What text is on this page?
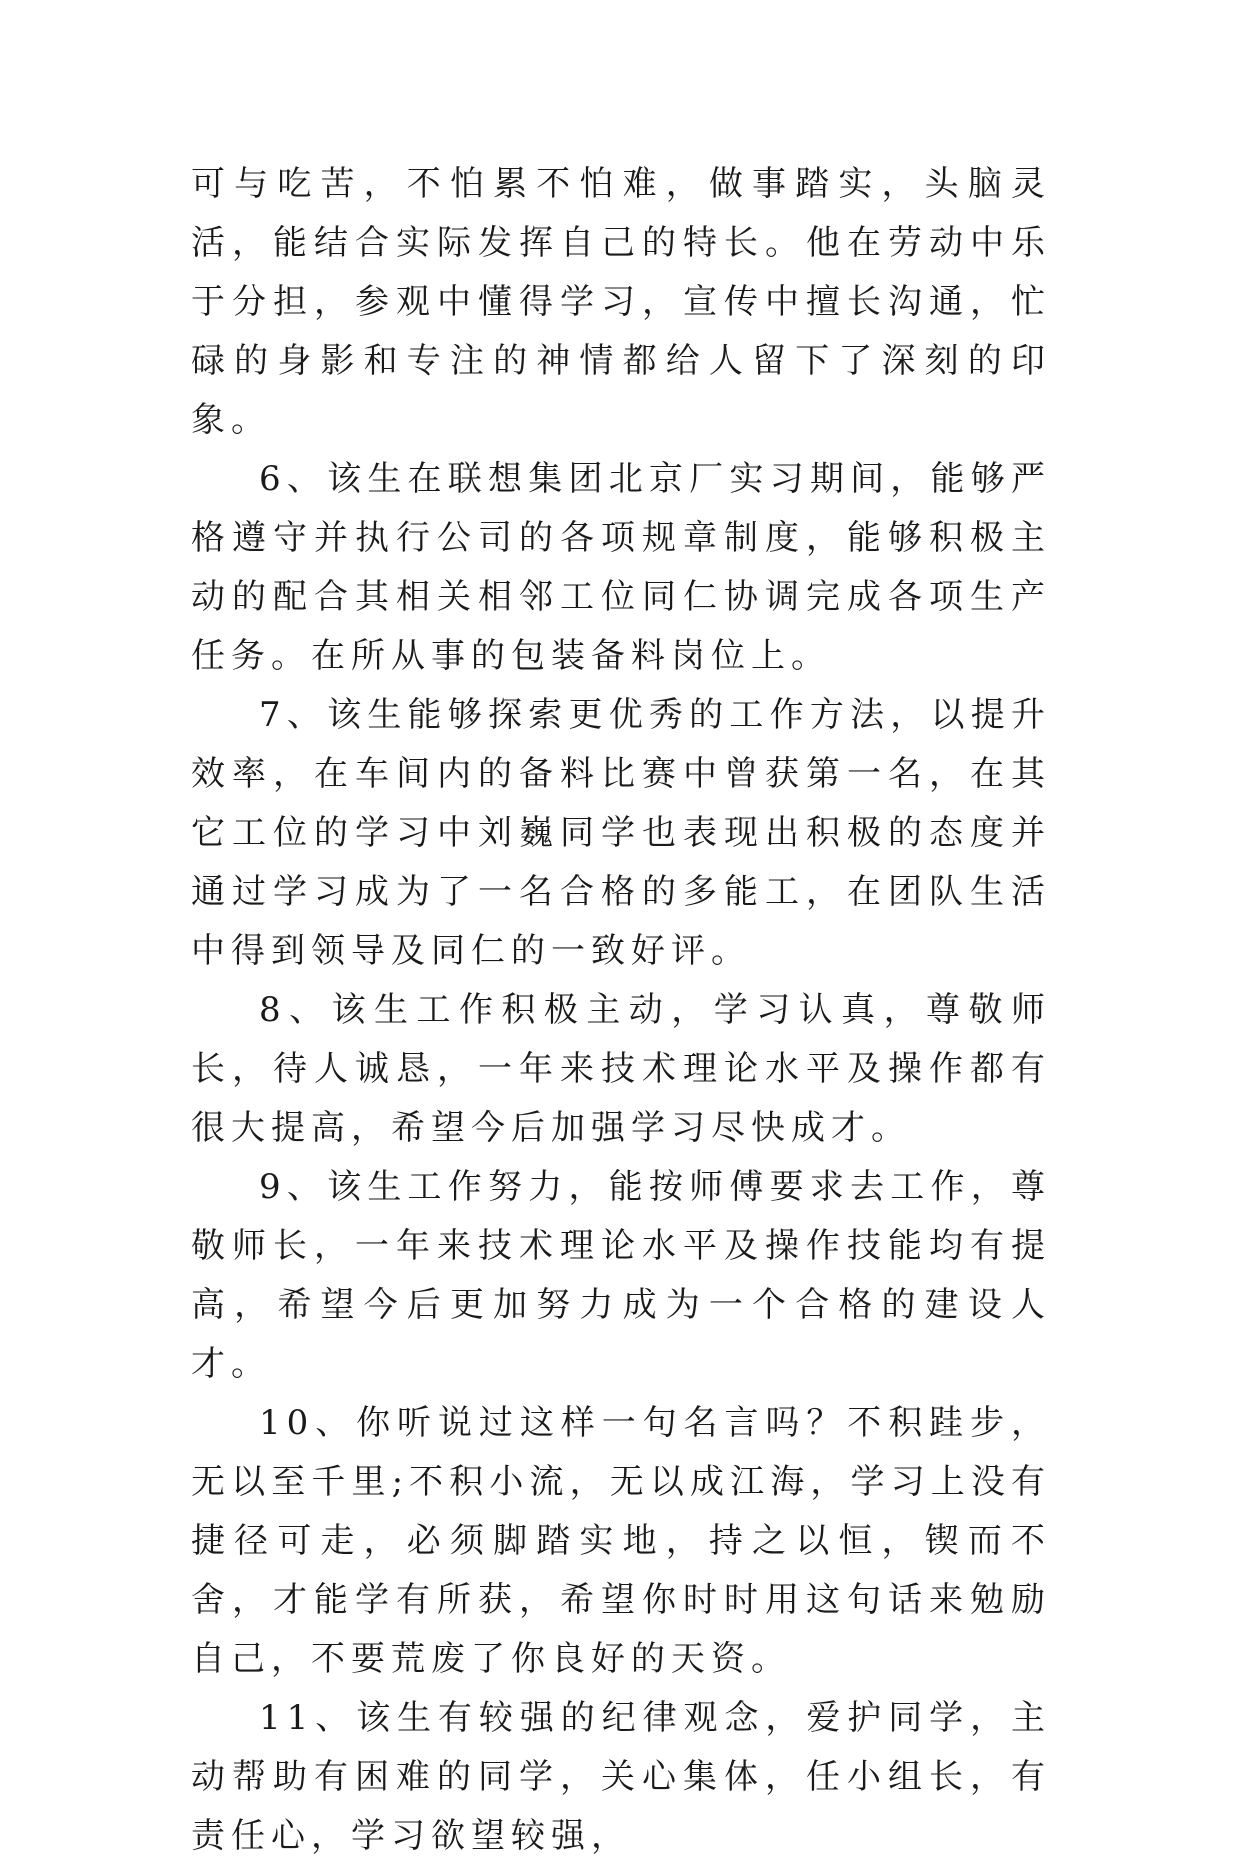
可与吃苦，不怕累不怕难，做事踏实，头脑灵活，能结合实际发挥自己的特长。他在劳动中乐于分担，参观中懂得学习，宣传中擅长沟通，忙碌的身影和专注的神情都给人留下了深刻的印象。

6、该生在联想集团北京厂实习期间，能够严格遵守并执行公司的各项规章制度，能够积极主动的配合其相关相邻工位同仁协调完成各项生产任务。在所从事的包装备料岗位上。

7、该生能够探索更优秀的工作方法，以提升效率，在车间内的备料比赛中曾获第一名，在其它工位的学习中刘巍同学也表现出积极的态度并通过学习成为了一名合格的多能工，在团队生活中得到领导及同仁的一致好评。

8、该生工作积极主动，学习认真，尊敬师长，待人诚恳，一年来技术理论水平及操作都有很大提高，希望今后加强学习尽快成才。

9、该生工作努力，能按师傅要求去工作，尊敬师长，一年来技术理论水平及操作技能均有提高，希望今后更加努力成为一个合格的建设人才。

10、你听说过这样一句名言吗？不积跬步，无以至千里;不积小流，无以成江海，学习上没有捷径可走，必须脚踏实地，持之以恒，锲而不舍，才能学有所获，希望你时时用这句话来勉励自己，不要荒废了你良好的天资。

11、该生有较强的纪律观念，爱护同学，主动帮助有困难的同学，关心集体，任小组长，有责任心，学习欲望较强，
